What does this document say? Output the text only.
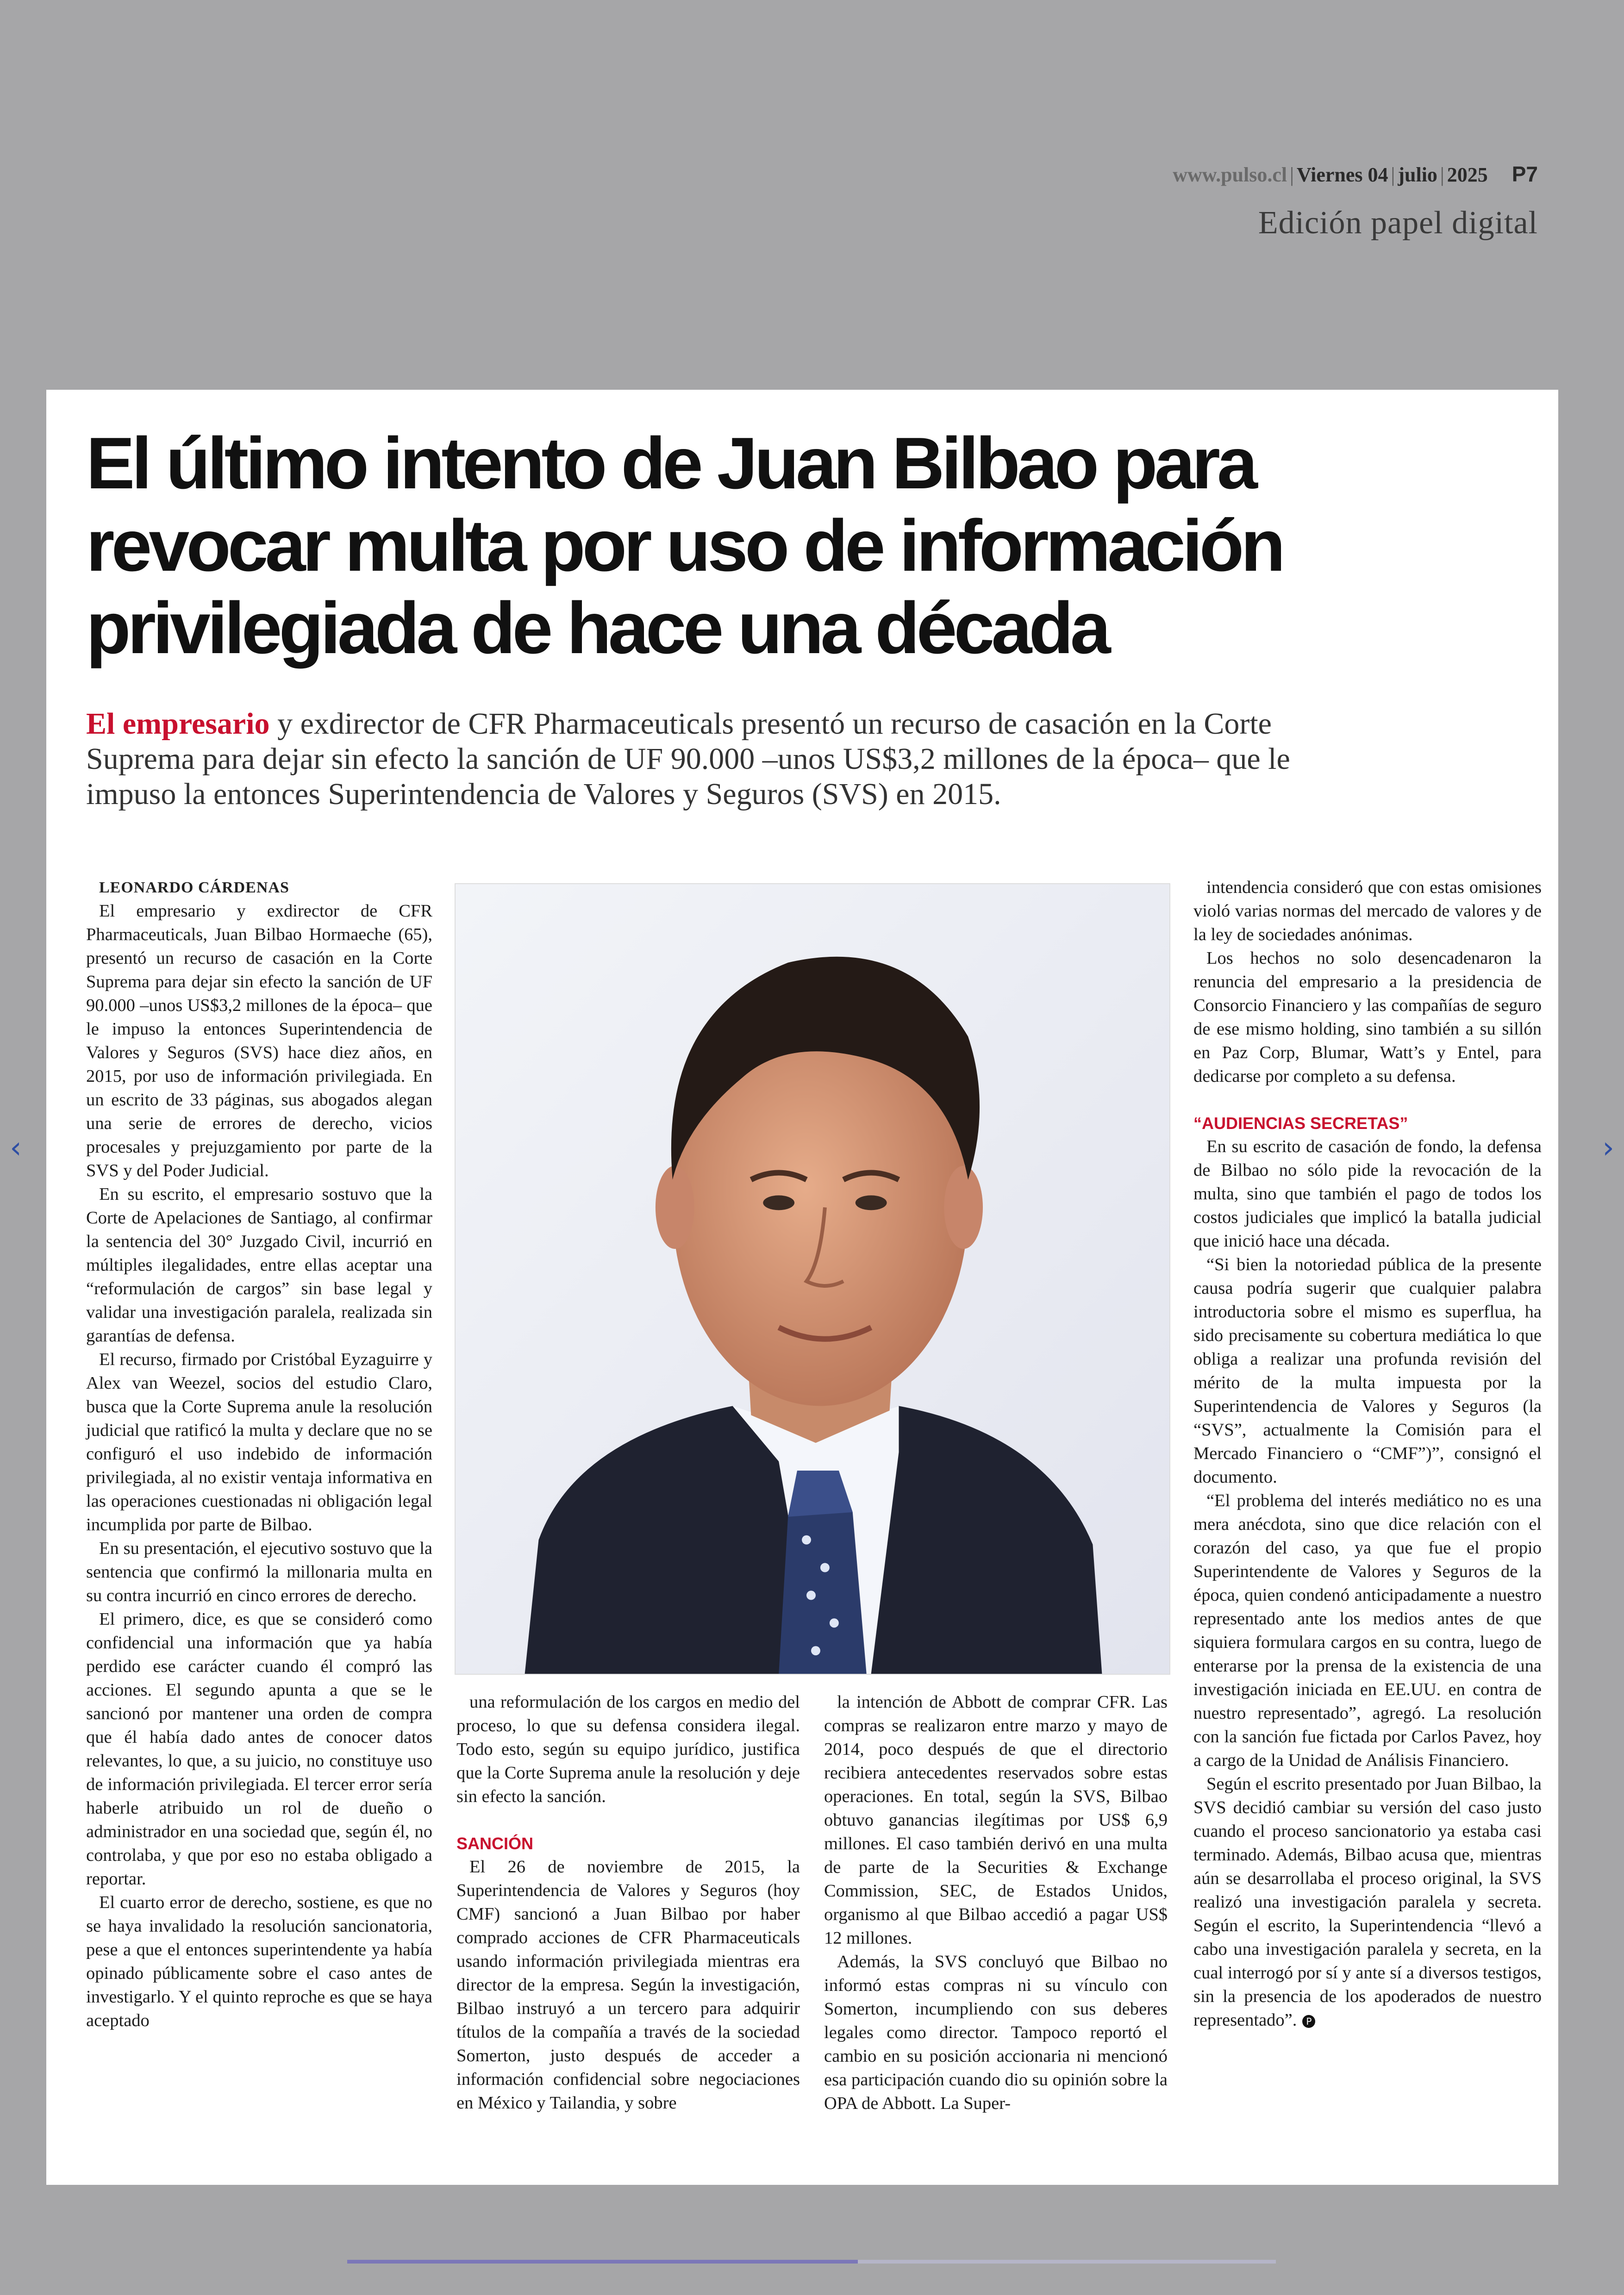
www.pulso.cl | Viernes 04 | julio | 2025 P7
Edición papel digital
‹	›
El último intento de Juan Bilbao para revocar multa por uso de información privilegiada de hace una década

El empresario y exdirector de CFR Pharmaceuticals presentó un recurso de casación en la Corte Suprema para dejar sin efecto la sanción de UF 90.000 –unos US$3,2 millones de la época– que le impuso la entonces Superintendencia de Valores y Seguros (SVS) en 2015.

LEONARDO CÁRDENAS

El empresario y exdirector de CFR Pharmaceuticals, Juan Bilbao Hormaeche (65), presentó un recurso de casación en la Corte Suprema para dejar sin efecto la sanción de UF 90.000 –unos US$3,2 millones de la época– que le impuso la entonces Superintendencia de Valores y Seguros (SVS) hace diez años, en 2015, por uso de información privilegiada. En un escrito de 33 páginas, sus abogados alegan una serie de errores de derecho, vicios procesales y prejuzgamiento por parte de la SVS y del Poder Judicial.

En su escrito, el empresario sostuvo que la Corte de Apelaciones de Santiago, al confirmar la sentencia del 30° Juzgado Civil, incurrió en múltiples ilegalidades, entre ellas aceptar una “reformulación de cargos” sin base legal y validar una investigación paralela, realizada sin garantías de defensa.

El recurso, firmado por Cristóbal Eyzaguirre y Alex van Weezel, socios del estudio Claro, busca que la Corte Suprema anule la resolución judicial que ratificó la multa y declare que no se configuró el uso indebido de información privilegiada, al no existir ventaja informativa en las operaciones cuestionadas ni obligación legal incumplida por parte de Bilbao.

En su presentación, el ejecutivo sostuvo que la sentencia que confirmó la millonaria multa en su contra incurrió en cinco errores de derecho.

El primero, dice, es que se consideró como confidencial una información que ya había perdido ese carácter cuando él compró las acciones. El segundo apunta a que se le sancionó por mantener una orden de compra que él había dado antes de conocer datos relevantes, lo que, a su juicio, no constituye uso de información privilegiada. El tercer error sería haberle atribuido un rol de dueño o administrador en una sociedad que, según él, no controlaba, y que por eso no estaba obligado a reportar.

El cuarto error de derecho, sostiene, es que no se haya invalidado la resolución sancionatoria, pese a que el entonces superintendente ya había opinado públicamente sobre el caso antes de investigarlo. Y el quinto reproche es que se haya aceptado

una reformulación de los cargos en medio del proceso, lo que su defensa considera ilegal. Todo esto, según su equipo jurídico, justifica que la Corte Suprema anule la resolución y deje sin efecto la sanción.

SANCIÓN

El 26 de noviembre de 2015, la Superintendencia de Valores y Seguros (hoy CMF) sancionó a Juan Bilbao por haber comprado acciones de CFR Pharmaceuticals usando información privilegiada mientras era director de la empresa. Según la investigación, Bilbao instruyó a un tercero para adquirir títulos de la compañía a través de la sociedad Somerton, justo después de acceder a información confidencial sobre negociaciones en México y Tailandia, y sobre

la intención de Abbott de comprar CFR. Las compras se realizaron entre marzo y mayo de 2014, poco después de que el directorio recibiera antecedentes reservados sobre estas operaciones. En total, según la SVS, Bilbao obtuvo ganancias ilegítimas por US$ 6,9 millones. El caso también derivó en una multa de parte de la Securities & Exchange Commission, SEC, de Estados Unidos, organismo al que Bilbao accedió a pagar US$ 12 millones.

Además, la SVS concluyó que Bilbao no informó estas compras ni su vínculo con Somerton, incumpliendo con sus deberes legales como director. Tampoco reportó el cambio en su posición accionaria ni mencionó esa participación cuando dio su opinión sobre la OPA de Abbott. La Super-

intendencia consideró que con estas omisiones violó varias normas del mercado de valores y de la ley de sociedades anónimas.

Los hechos no solo desencadenaron la renuncia del empresario a la presidencia de Consorcio Financiero y las compañías de seguro de ese mismo holding, sino también a su sillón en Paz Corp, Blumar, Watt’s y Entel, para dedicarse por completo a su defensa.

“AUDIENCIAS SECRETAS”

En su escrito de casación de fondo, la defensa de Bilbao no sólo pide la revocación de la multa, sino que también el pago de todos los costos judiciales que implicó la batalla judicial que inició hace una década.

“Si bien la notoriedad pública de la presente causa podría sugerir que cualquier palabra introductoria sobre el mismo es superflua, ha sido precisamente su cobertura mediática lo que obliga a realizar una profunda revisión del mérito de la multa impuesta por la Superintendencia de Valores y Seguros (la “SVS”, actualmente la Comisión para el Mercado Financiero o “CMF”)”, consignó el documento.

“El problema del interés mediático no es una mera anécdota, sino que dice relación con el corazón del caso, ya que fue el propio Superintendente de Valores y Seguros de la época, quien condenó anticipadamente a nuestro representado ante los medios antes de que siquiera formulara cargos en su contra, luego de enterarse por la prensa de la existencia de una investigación iniciada en EE.UU. en contra de nuestro representado”, agregó. La resolución con la sanción fue fictada por Carlos Pavez, hoy a cargo de la Unidad de Análisis Financiero.

Según el escrito presentado por Juan Bilbao, la SVS decidió cambiar su versión del caso justo cuando el proceso sancionatorio ya estaba casi terminado. Además, Bilbao acusa que, mientras aún se desarrollaba el proceso original, la SVS realizó una investigación paralela y secreta. Según el escrito, la Superintendencia “llevó a cabo una investigación paralela y secreta, en la cual interrogó por sí y ante sí a diversos testigos, sin la presencia de los apoderados de nuestro representado”. P
